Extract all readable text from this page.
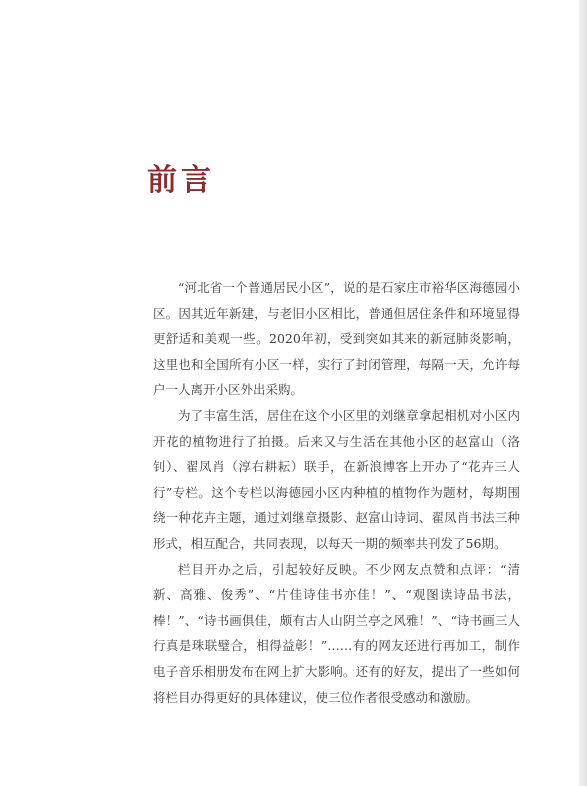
前言

“河北省一个普通居民小区”，说的是石家庄市裕华区海德园小区。因其近年新建，与老旧小区相比，普通但居住条件和环境显得更舒适和美观一些。2020年初，受到突如其来的新冠肺炎影响，这里也和全国所有小区一样，实行了封闭管理，每隔一天，允许每户一人离开小区外出采购。

为了丰富生活，居住在这个小区里的刘继章拿起相机对小区内开花的植物进行了拍摄。后来又与生活在其他小区的赵富山（洛钊）、翟凤肖（淳右耕耘）联手，在新浪博客上开办了“花卉三人行”专栏。这个专栏以海德园小区内种植的植物作为题材，每期围绕一种花卉主题，通过刘继章摄影、赵富山诗词、翟凤肖书法三种形式，相互配合，共同表现，以每天一期的频率共刊发了56期。

栏目开办之后，引起较好反映。不少网友点赞和点评：“清新、高雅、俊秀”、“片佳诗佳书亦佳！”、“观图读诗品书法，棒！”、“诗书画俱佳，颇有古人山阴兰亭之风雅！”、“诗书画三人行真是珠联璧合，相得益彰！”……有的网友还进行再加工，制作电子音乐相册发布在网上扩大影响。还有的好友，提出了一些如何将栏目办得更好的具体建议，使三位作者很受感动和激励。
